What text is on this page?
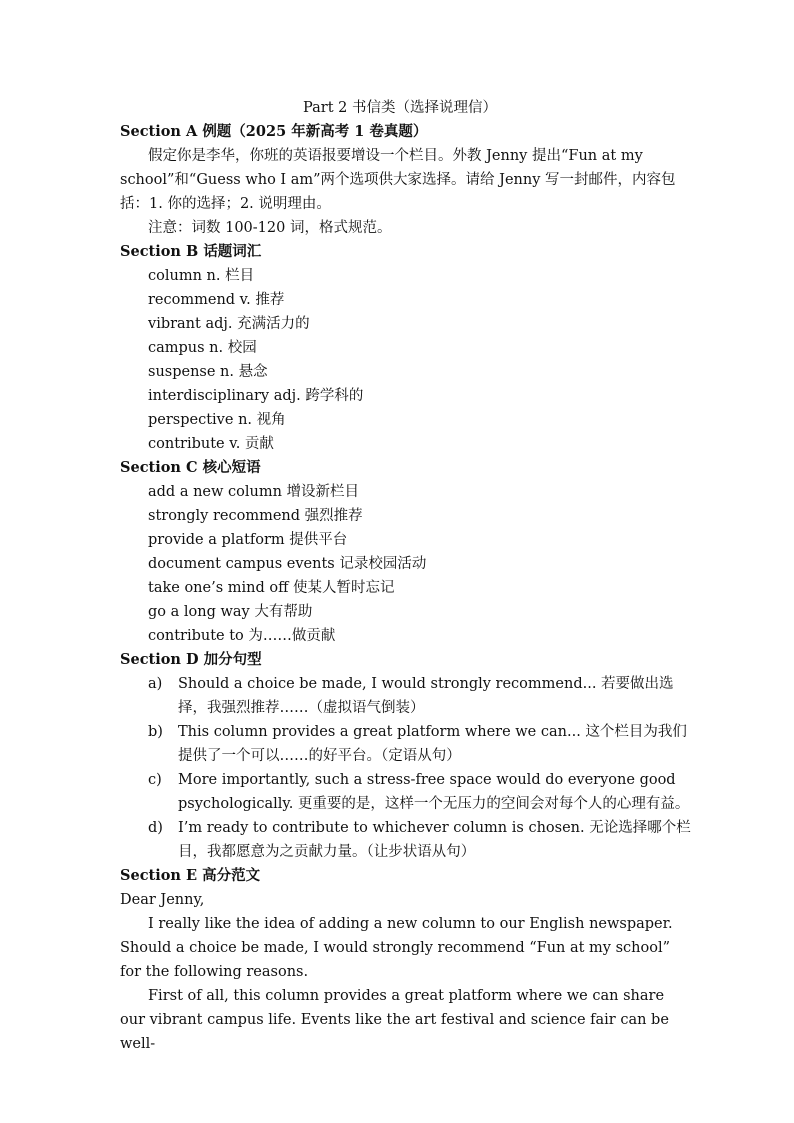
Part 2 书信类（选择说理信）
Section A 例题（2025 年新高考 1 卷真题）
假定你是李华，你班的英语报要增设一个栏目。外教 Jenny 提出“Fun at my school”和“Guess who I am”两个选项供大家选择。请给 Jenny 写一封邮件，内容包括：1. 你的选择；2. 说明理由。
注意：词数 100-120 词，格式规范。
Section B 话题词汇
column n. 栏目
recommend v. 推荐
vibrant adj. 充满活力的
campus n. 校园
suspense n. 悬念
interdisciplinary adj. 跨学科的
perspective n. 视角
contribute v. 贡献
Section C 核心短语
add a new column 增设新栏目
strongly recommend 强烈推荐
provide a platform 提供平台
document campus events 记录校园活动
take one’s mind off 使某人暂时忘记
go a long way 大有帮助
contribute to 为……做贡献
Section D 加分句型
a)	Should a choice be made, I would strongly recommend... 若要做出选择，我强烈推荐……（虚拟语气倒装）
b)	This column provides a great platform where we can... 这个栏目为我们提供了一个可以……的好平台。（定语从句）
c)	More importantly, such a stress-free space would do everyone good psychologically. 更重要的是，这样一个无压力的空间会对每个人的心理有益。
d)	I’m ready to contribute to whichever column is chosen. 无论选择哪个栏目，我都愿意为之贡献力量。（让步状语从句）
Section E 高分范文
Dear Jenny,
I really like the idea of adding a new column to our English newspaper. Should a choice be made, I would strongly recommend “Fun at my school” for the following reasons.
First of all, this column provides a great platform where we can share our vibrant campus life. Events like the art festival and science fair can be well-
